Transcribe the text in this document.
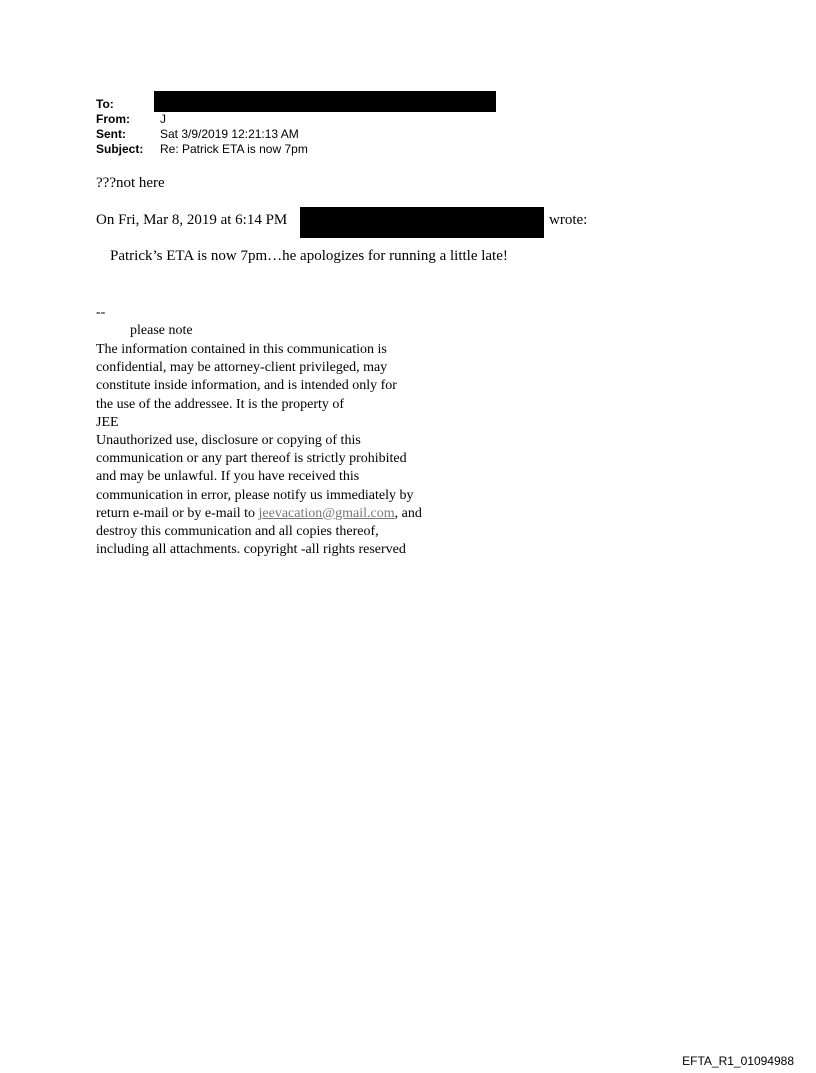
To:
From:	J
Sent:	Sat 3/9/2019 12:21:13 AM
Subject: Re: Patrick ETA is now 7pm
???not here
On Fri, Mar 8, 2019 at 6:14 PM	wrote:
Patrick’s ETA is now 7pm…he apologizes for running a little late!
--
please note
The information contained in this communication is
confidential, may be attorney-client privileged, may
constitute inside information, and is intended only for
the use of the addressee. It is the property of
JEE
Unauthorized use, disclosure or copying of this
communication or any part thereof is strictly prohibited
and may be unlawful. If you have received this
communication in error, please notify us immediately by
return e-mail or by e-mail to jeevacation@gmail.com, and
destroy this communication and all copies thereof,
including all attachments. copyright -all rights reserved
EFTA_R1_01094988
